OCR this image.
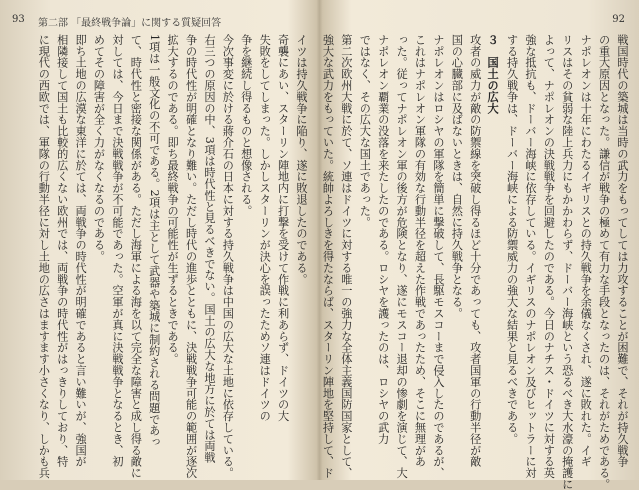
93 第二部 「最終戦争論」に関する質疑回答
イツは持久戦争に陥り、遂に敗退したのである。
奇襲にあい、スターリン陣地内に打撃を受けて作戦に利あらず、ドイツの大
失敗をしてしまった。しかしスターリンが決心を誤ったためソ連はドイツの
争を継続し得るものと想像される。
今次事変に於ける蔣介石の日本に対する持久戦争は中国の広大な土地に依存している。
右三つの原因の中、3項は時代性と見るべきでない。国土の広大な地方に於ては両戦
争の時代性が明確となり難い。ただし時代の進歩とともに、決戦戦争可能の範囲が逐次
拡大するのである。即ち最終戦争の可能性が生ずるときである。
1項は一般文化の不可である。2項は主として武器や築城に制約される問題であっ
て、時代性と密接な関係がある。ただし海軍による海を以て完全な障害と成し得る敵に
対しては、今日まで決戦戦争が不可能であった。空軍が真に決戦戦争となるとき、初
めてその障害が全く力がなくなるのである。
即ち土地の広漠な東洋に於ては、両戦争の時代性が明確であると言い難いが、強国が
相隣接して国土も比較的広くない欧州では、両戦争の時代性がはっきりしており、特
に現代の西欧では、軍隊の行動半径に対し土地の広さはますます小さくなり、しかも兵
92
戦国時代の築城は当時の武力をもってしては力攻することが困難で、それが持久戦争
の重大原因となった。謙信が戦争の極めて有力な手段となったのは、それがためである。
ナポレオンは十年にわたるイギリスとの持久戦争を余儀なくされ、遂に敗れた。イギ
リスはその貧弱な陸上兵力にもかかわらず、ドーバー海峡という恐るべき大水濠の掩護に
よって、ナポレオンの決戦戦争を回避したのである。今日のナチス・ドイツに対する英
強な抵抗も、ドーバー海峡に依存している。イギリスのナポレオン及びヒットラーに対
する持久戦争は、ドーバー海峡による防禦威力の強大な結果と見るべきである。
３　国土の広大
攻者の威力が敵の防禦線を突破し得るほど十分であっても、攻者国軍の行動半径が敵
国の心臓部に及ばないときは、自然に持久戦争となる。
ナポレオンはロシヤの軍隊を簡単に撃破して、長駆モスコーまで侵入したのであるが、
これはナポレオン軍隊の有効な行動半径を超えた作戦であったため、そこに無理があ
った。従ってナポレオン軍の後方が危険となり、遂にモスコー退却の惨劇を演じて、大
ナポレオン覇業の没落を来たしたのである。ロシヤを護ったのは、ロシヤの武力
ではなく、その広大な国土であった。
第二次欧州大戦に於て、ソ連はドイツに対する唯一の強力な全体主義国防国家として、
強大な武力をもっていた。統帥よろしきを得たならば、スターリン陣地を堅持して、ド
